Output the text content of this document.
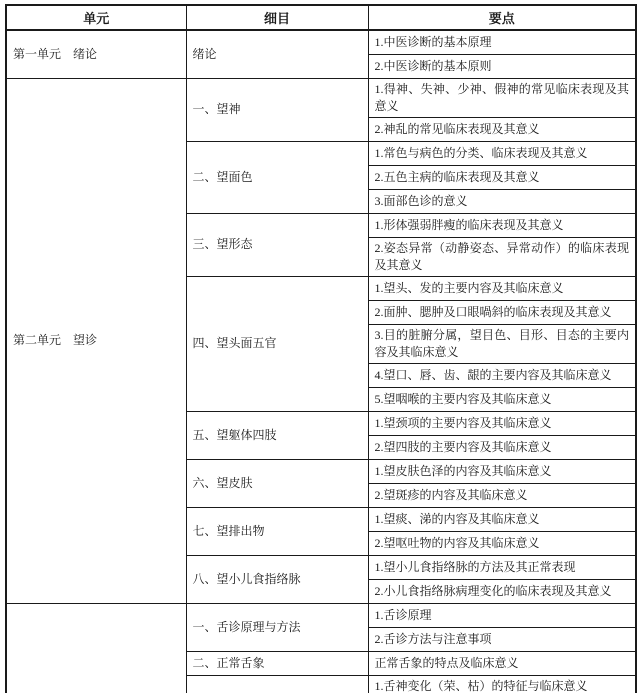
单元	细目	要点
第一单元　绪论	绪论	1.中医诊断的基本原理
		2.中医诊断的基本原则
第二单元　望诊	一、望神	1.得神、失神、少神、假神的常见临床表现及其意义
		2.神乱的常见临床表现及其意义
	二、望面色	1.常色与病色的分类、临床表现及其意义
		2.五色主病的临床表现及其意义
		3.面部色诊的意义
	三、望形态	1.形体强弱胖瘦的临床表现及其意义
		2.姿态异常（动静姿态、异常动作）的临床表现及其意义
	四、望头面五官	1.望头、发的主要内容及其临床意义
		2.面肿、腮肿及口眼喎斜的临床表现及其意义
		3.目的脏腑分属，望目色、目形、目态的主要内容及其临床意义
		4.望口、唇、齿、龈的主要内容及其临床意义
		5.望咽喉的主要内容及其临床意义
	五、望躯体四肢	1.望颈项的主要内容及其临床意义
		2.望四肢的主要内容及其临床意义
	六、望皮肤	1.望皮肤色泽的内容及其临床意义
		2.望斑疹的内容及其临床意义
	七、望排出物	1.望痰、涕的内容及其临床意义
		2.望呕吐物的内容及其临床意义
	八、望小儿食指络脉	1.望小儿食指络脉的方法及其正常表现
		2.小儿食指络脉病理变化的临床表现及其意义
	一、舌诊原理与方法	1.舌诊原理
		2.舌诊方法与注意事项
	二、正常舌象	正常舌象的特点及临床意义
		1.舌神变化（荣、枯）的特征与临床意义
